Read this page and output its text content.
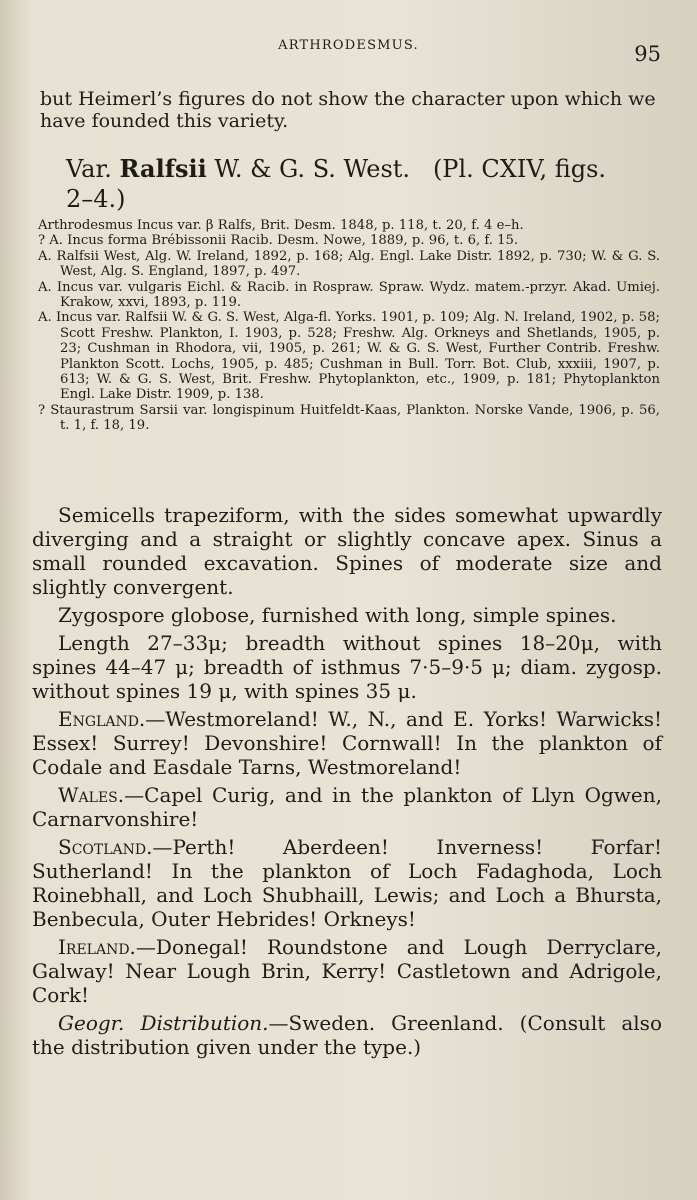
ARTHRODESMUS.	95

but Heimerl’s figures do not show the character upon which we have founded this variety.

Var. Ralfsii W. & G. S. West. (Pl. CXIV, figs. 2–4.)

Arthrodesmus Incus var. β Ralfs, Brit. Desm. 1848, p. 118, t. 20, f. 4 e–h.

? A. Incus forma Brébissonii Racib. Desm. Nowe, 1889, p. 96, t. 6, f. 15.

A. Ralfsii West, Alg. W. Ireland, 1892, p. 168; Alg. Engl. Lake Distr. 1892, p. 730; W. & G. S. West, Alg. S. England, 1897, p. 497.

A. Incus var. vulgaris Eichl. & Racib. in Rospraw. Spraw. Wydz. matem.-przyr. Akad. Umiej. Krakow, xxvi, 1893, p. 119.

A. Incus var. Ralfsii W. & G. S. West, Alga-fl. Yorks. 1901, p. 109; Alg. N. Ireland, 1902, p. 58; Scott Freshw. Plankton, I. 1903, p. 528; Freshw. Alg. Orkneys and Shetlands, 1905, p. 23; Cushman in Rhodora, vii, 1905, p. 261; W. & G. S. West, Further Contrib. Freshw. Plankton Scott. Lochs, 1905, p. 485; Cushman in Bull. Torr. Bot. Club, xxxiii, 1907, p. 613; W. & G. S. West, Brit. Freshw. Phytoplankton, etc., 1909, p. 181; Phytoplankton Engl. Lake Distr. 1909, p. 138.

? Staurastrum Sarsii var. longispinum Huitfeldt-Kaas, Plankton. Norske Vande, 1906, p. 56, t. 1, f. 18, 19.

Semicells trapeziform, with the sides somewhat upwardly diverging and a straight or slightly concave apex. Sinus a small rounded excavation. Spines of moderate size and slightly convergent.

Zygospore globose, furnished with long, simple spines.

Length 27–33μ; breadth without spines 18–20μ, with spines 44–47 μ; breadth of isthmus 7·5–9·5 μ; diam. zygosp. without spines 19 μ, with spines 35 μ.

England.—Westmoreland! W., N., and E. Yorks! Warwicks! Essex! Surrey! Devonshire! Cornwall! In the plankton of Codale and Easdale Tarns, Westmoreland!

Wales.—Capel Curig, and in the plankton of Llyn Ogwen, Carnarvonshire!

Scotland.—Perth! Aberdeen! Inverness! Forfar! Sutherland! In the plankton of Loch Fadaghoda, Loch Roinebhall, and Loch Shubhaill, Lewis; and Loch a Bhursta, Benbecula, Outer Hebrides! Orkneys!

Ireland.—Donegal! Roundstone and Lough Derryclare, Galway! Near Lough Brin, Kerry! Castletown and Adrigole, Cork!

Geogr. Distribution.—Sweden. Greenland. (Consult also the distribution given under the type.)
